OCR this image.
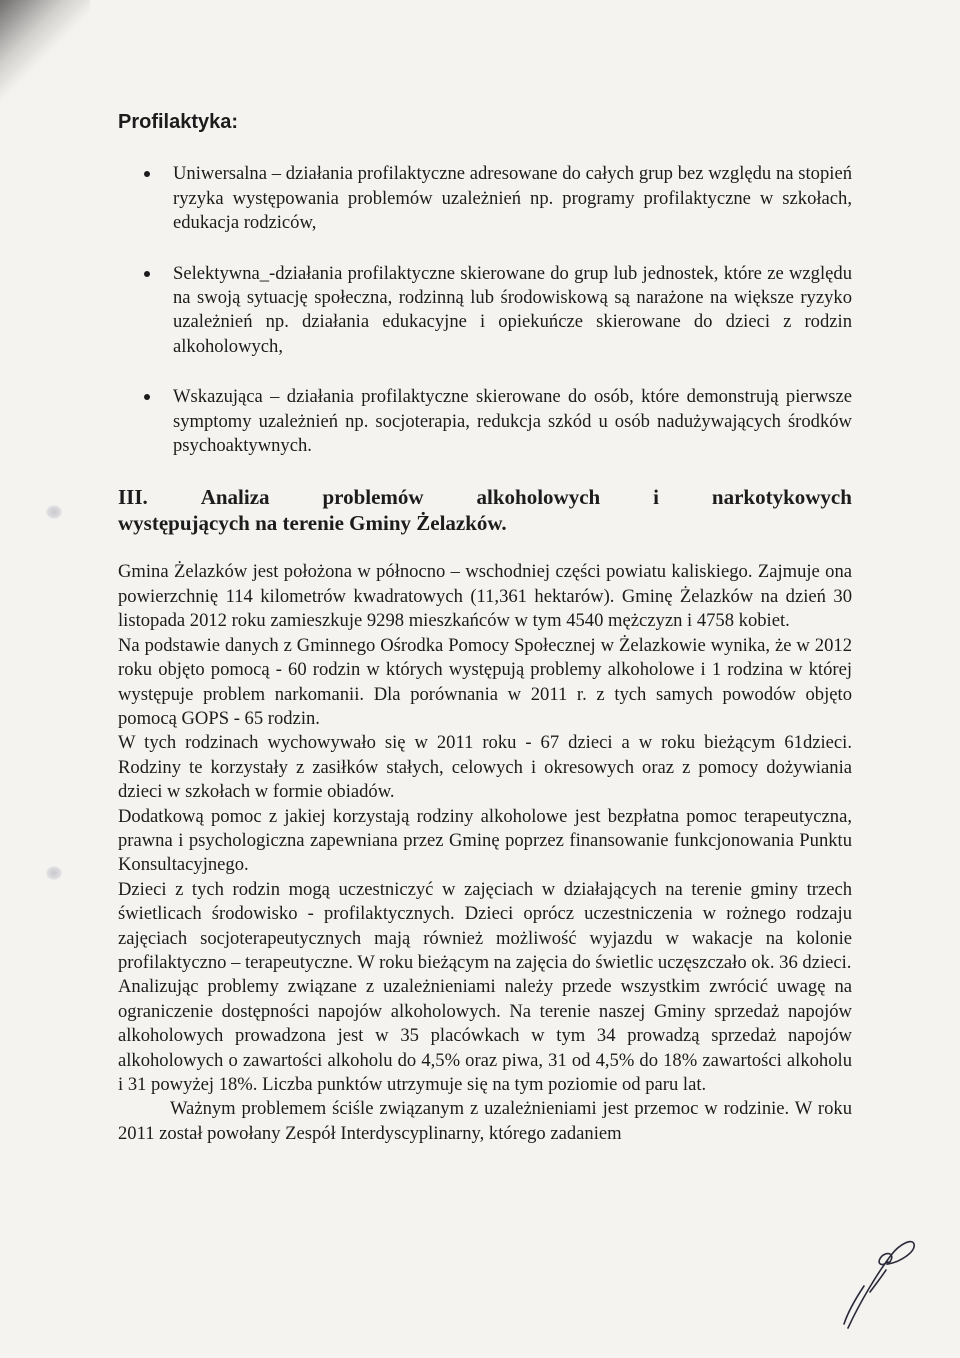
Profilaktyka:
Uniwersalna – działania profilaktyczne adresowane do całych grup bez względu na stopień ryzyka występowania problemów uzależnień np. programy profilaktyczne w szkołach, edukacja rodziców,
Selektywna_-działania profilaktyczne skierowane do grup lub jednostek, które ze względu na swoją sytuację społeczna, rodzinną lub środowiskową są narażone na większe ryzyko uzależnień np. działania edukacyjne i opiekuńcze skierowane do dzieci z rodzin alkoholowych,
Wskazująca – działania profilaktyczne skierowane do osób, które demonstrują pierwsze symptomy uzależnień np. socjoterapia, redukcja szkód u osób nadużywających środków psychoaktywnych.
III.	Analiza	problemów	alkoholowych	i	narkotykowych
występujących na terenie Gminy Żelazków.

Gmina Żelazków jest położona w północno – wschodniej części powiatu kaliskiego. Zajmuje ona powierzchnię 114 kilometrów kwadratowych (11,361 hektarów). Gminę Żelazków na dzień 30 listopada 2012 roku zamieszkuje 9298 mieszkańców w tym 4540 mężczyzn i 4758 kobiet.

Na podstawie danych z Gminnego Ośrodka Pomocy Społecznej w Żelazkowie wynika, że w 2012 roku objęto pomocą - 60 rodzin w których występują problemy alkoholowe i 1 rodzina w której występuje problem narkomanii. Dla porównania w 2011 r. z tych samych powodów objęto pomocą GOPS - 65 rodzin.

W tych rodzinach wychowywało się w 2011 roku - 67 dzieci a w roku bieżącym 61dzieci. Rodziny te korzystały z zasiłków stałych, celowych i okresowych oraz z pomocy dożywiania dzieci w szkołach w formie obiadów.

Dodatkową pomoc z jakiej korzystają rodziny alkoholowe jest bezpłatna pomoc terapeutyczna, prawna i psychologiczna zapewniana przez Gminę poprzez finansowanie funkcjonowania Punktu Konsultacyjnego.

Dzieci z tych rodzin mogą uczestniczyć w zajęciach w działających na terenie gminy trzech świetlicach środowisko - profilaktycznych. Dzieci oprócz uczestniczenia w rożnego rodzaju zajęciach socjoterapeutycznych mają również możliwość wyjazdu w wakacje na kolonie profilaktyczno – terapeutyczne. W roku bieżącym na zajęcia do świetlic uczęszczało ok. 36 dzieci.

Analizując problemy związane z uzależnieniami należy przede wszystkim zwrócić uwagę na ograniczenie dostępności napojów alkoholowych. Na terenie naszej Gminy sprzedaż napojów alkoholowych prowadzona jest w 35 placówkach w tym 34 prowadzą sprzedaż napojów alkoholowych o zawartości alkoholu do 4,5% oraz piwa, 31 od 4,5% do 18% zawartości alkoholu i 31 powyżej 18%. Liczba punktów utrzymuje się na tym poziomie od paru lat.

Ważnym problemem ściśle związanym z uzależnieniami jest przemoc w rodzinie. W roku 2011 został powołany Zespół Interdyscyplinarny, którego zadaniem
